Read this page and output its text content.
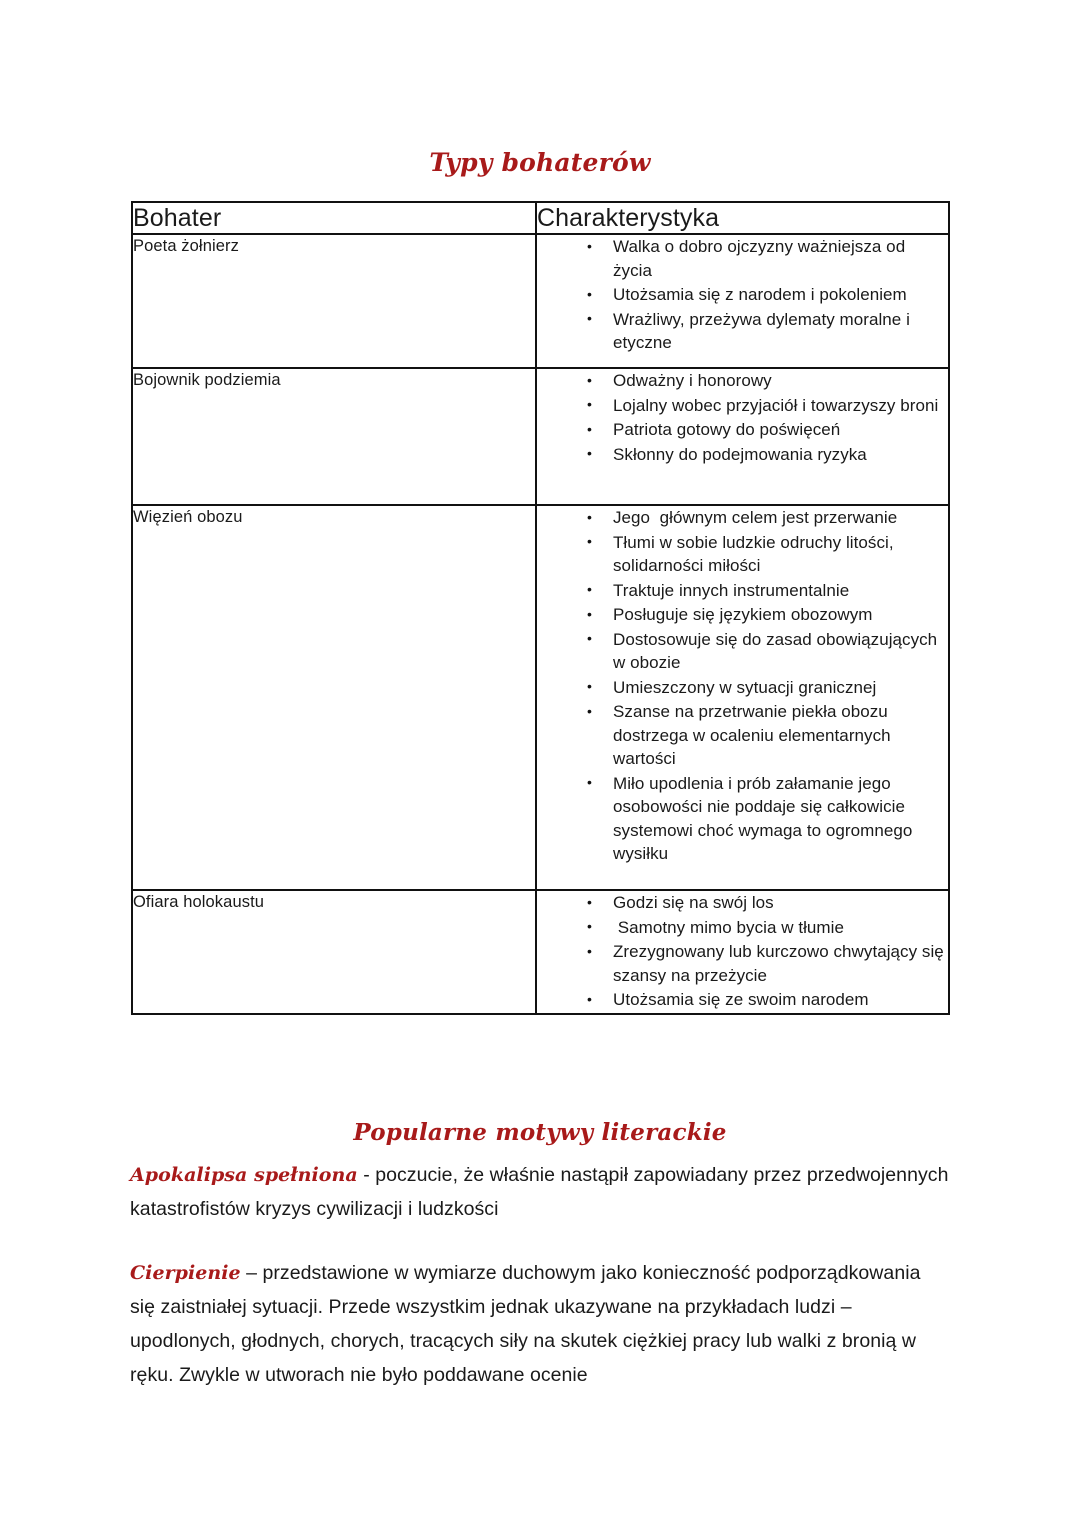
Typy bohaterów
Bohater	Charakterystyka
Poeta żołnierz	
•Walka o dobro ojczyzny ważniejsza od życia
• Utożsamia się z narodem i pokoleniem
• Wrażliwy, przeżywa dylematy moralne i etyczne

Bojownik podziemia	
•Odważny i honorowy
• Lojalny wobec przyjaciół i towarzyszy broni
• Patriota gotowy do poświęceń
• Skłonny do podejmowania ryzyka

Więzień obozu	
•Jego  głównym celem jest przerwanie
• Tłumi w sobie ludzkie odruchy litości, solidarności miłości
• Traktuje innych instrumentalnie
• Posługuje się językiem obozowym
• Dostosowuje się do zasad obowiązujących w obozie
• Umieszczony w sytuacji granicznej
• Szanse na przetrwanie piekła obozu dostrzega w ocaleniu elementarnych wartości
• Miło upodlenia i prób załamanie jego osobowości nie poddaje się całkowicie systemowi choć wymaga to ogromnego wysiłku

Ofiara holokaustu	
•Godzi się na swój los
•  Samotny mimo bycia w tłumie
• Zrezygnowany lub kurczowo chwytający się szansy na przeżycie
• Utożsamia się ze swoim narodem
Popularne motywy literackie

Apokalipsa spełniona - poczucie, że właśnie nastąpił zapowiadany przez przedwojennych katastrofistów kryzys cywilizacji i ludzkości

Cierpienie – przedstawione w wymiarze duchowym jako konieczność podporządkowania się zaistniałej sytuacji. Przede wszystkim jednak ukazywane na przykładach ludzi – upodlonych, głodnych, chorych, tracących siły na skutek ciężkiej pracy lub walki z bronią w ręku. Zwykle w utworach nie było poddawane ocenie
